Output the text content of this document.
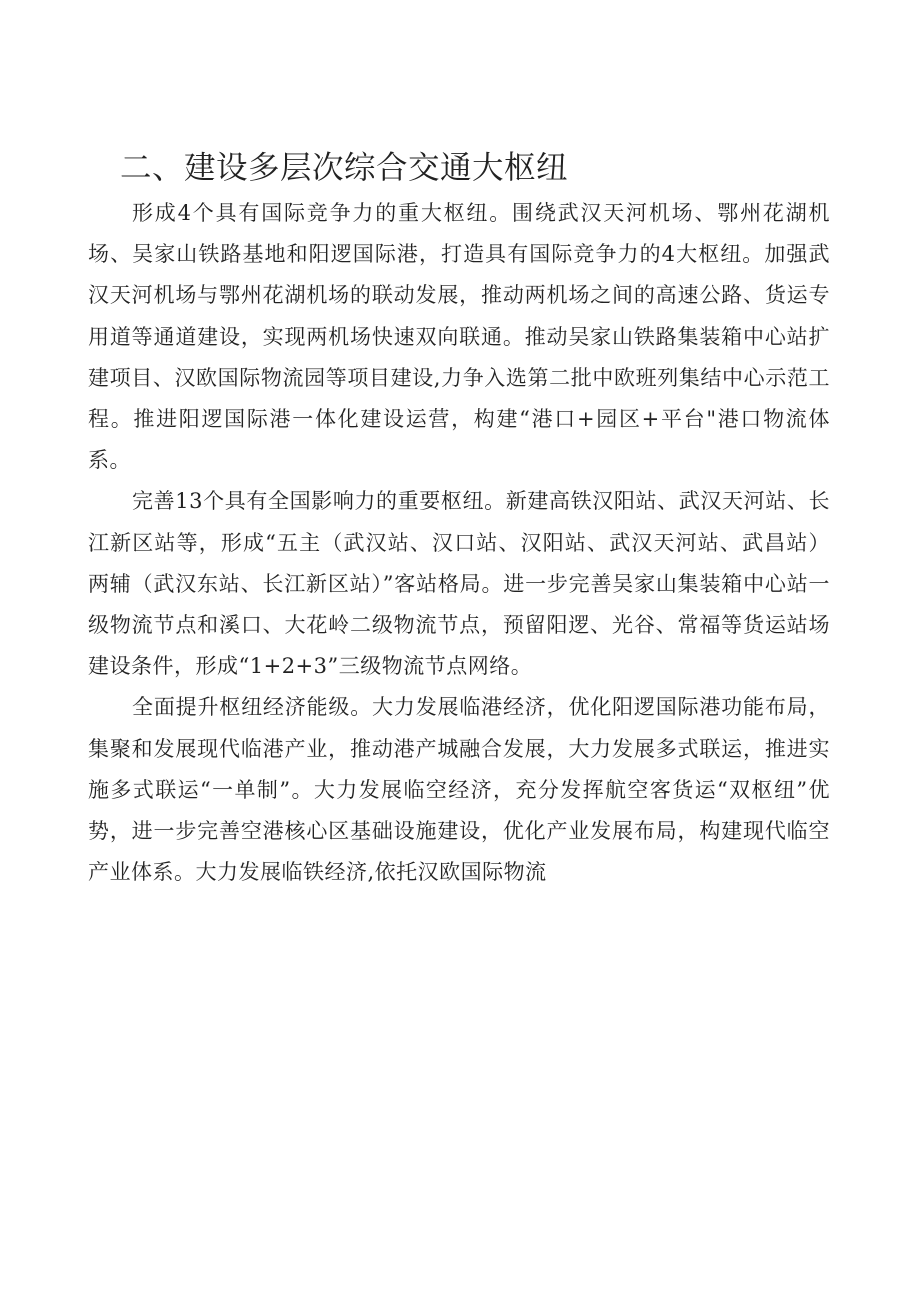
二、建设多层次综合交通大枢纽

形成4个具有国际竞争力的重大枢纽。围绕武汉天河机场、鄂州花湖机场、吴家山铁路基地和阳逻国际港，打造具有国际竞争力的4大枢纽。加强武汉天河机场与鄂州花湖机场的联动发展，推动两机场之间的高速公路、货运专用道等通道建设，实现两机场快速双向联通。推动吴家山铁路集装箱中心站扩建项目、汉欧国际物流园等项目建设,力争入选第二批中欧班列集结中心示范工程。推进阳逻国际港一体化建设运营，构建“港口+园区+平台"港口物流体系。

完善13个具有全国影响力的重要枢纽。新建高铁汉阳站、武汉天河站、长江新区站等，形成“五主（武汉站、汉口站、汉阳站、武汉天河站、武昌站）两辅（武汉东站、长江新区站）”客站格局。进一步完善吴家山集装箱中心站一级物流节点和溪口、大花岭二级物流节点，预留阳逻、光谷、常福等货运站场建设条件，形成“1+2+3”三级物流节点网络。

全面提升枢纽经济能级。大力发展临港经济，优化阳逻国际港功能布局，集聚和发展现代临港产业，推动港产城融合发展，大力发展多式联运，推进实施多式联运“一单制”。大力发展临空经济，充分发挥航空客货运“双枢纽”优势，进一步完善空港核心区基础设施建设，优化产业发展布局，构建现代临空产业体系。大力发展临铁经济,依托汉欧国际物流
